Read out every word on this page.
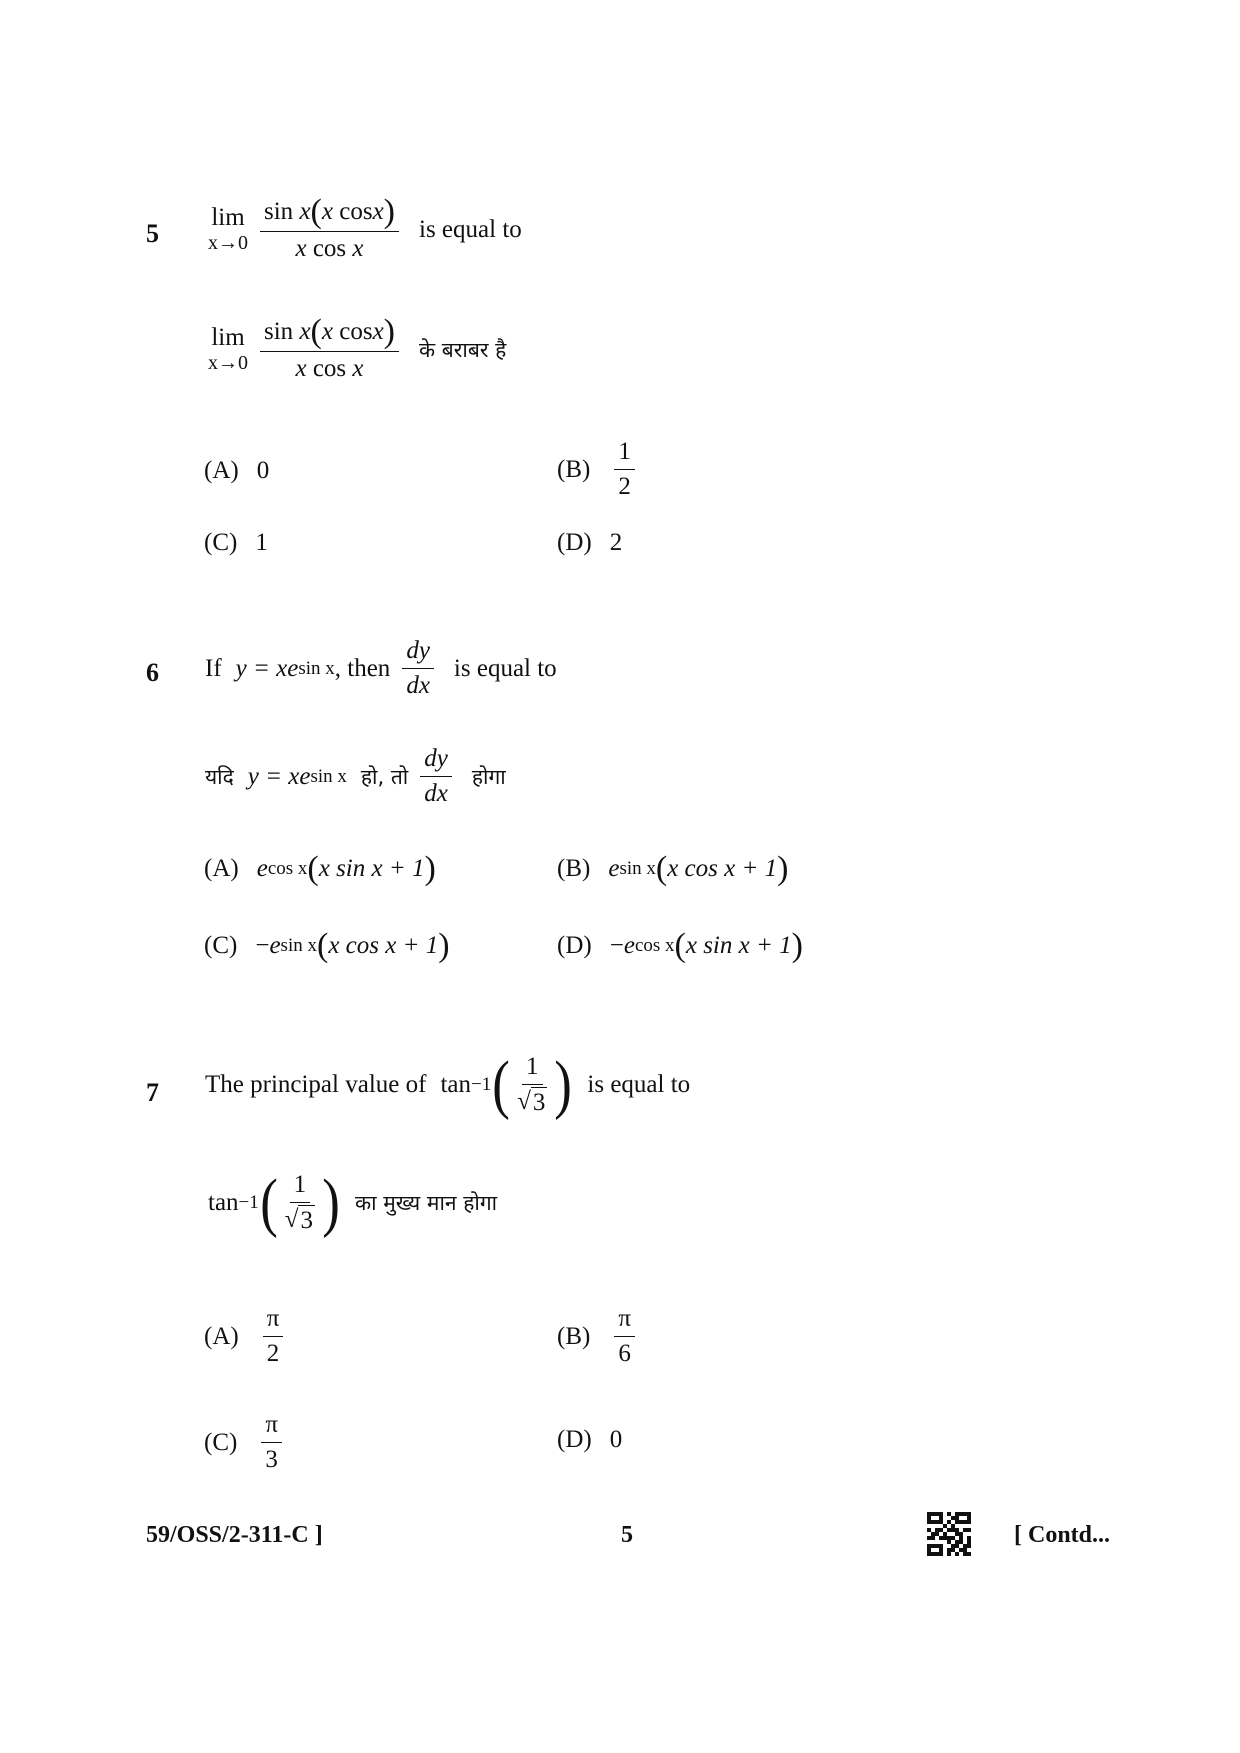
5
lim
$x\to 0 \frac{\text{sin x(x cosx)}}{\text{x cos x}}$ is equal to
lim
$x\to 0 \frac{\text{sin x(x cosx)}}{\text{x cos x}}$ के बराबर है
(A) 0	$(B) \frac{1}{2}$
(C) 1	(D) 2
6 If y = xe sin x , then $\frac{dy}{dx}$ is equal to
यदि y = xe sin x हो, तो $\frac{dy}{dx}$ होगा
(A) e cos x ( x sin x + 1 )	(B) e sin x ( x cos x + 1 )
(C) − e sin x ( x cos x + 1 )	(D) − e cos x ( x sin x + 1 )
7 The principal value of tan −1 ( $\frac{1}{√ 3}$ ) is equal to
tan −1 ( $\frac{1}{√ 3}$ ) का मुख्य मान होगा
$(A) \frac{\pi}{2}$	$(B) \frac{\pi}{6}$
$(C) \frac{\pi}{3}$	(D) 0
59/OSS/2-311-C ]	5	[ Contd...
